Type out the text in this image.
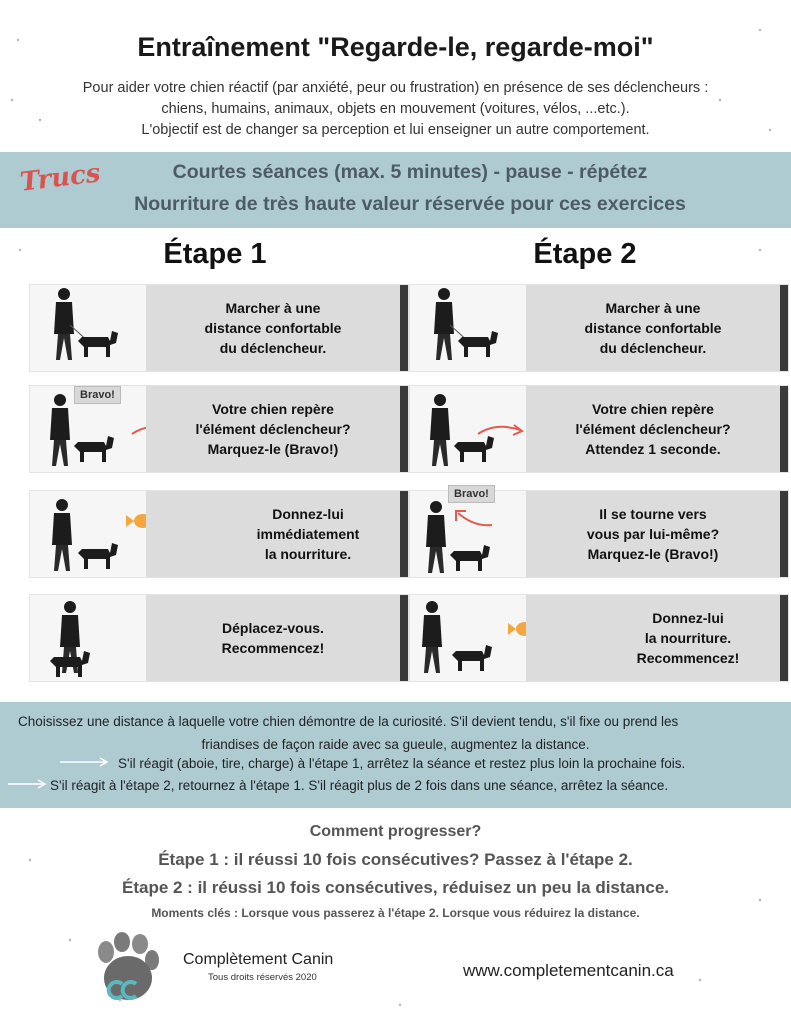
Entraînement "Regarde-le, regarde-moi"
Pour aider votre chien réactif (par anxiété, peur ou frustration) en présence de ses déclencheurs :
chiens, humains, animaux, objets en mouvement (voitures, vélos, ...etc.).
L'objectif est de changer sa perception et lui enseigner un autre comportement.
Trucs	Courtes séances (max. 5 minutes) - pause - répétez
Nourriture de très haute valeur réservée pour ces exercices
Étape 1	Étape 2
Marcher à une
distance confortable
du déclencheur.
Bravo!
Votre chien repère
l'élément déclencheur?
Marquez-le (Bravo!)
Donnez-lui
immédiatement
la nourriture.
Déplacez-vous.
Recommencez!
Marcher à une
distance confortable
du déclencheur.
Votre chien repère
l'élément déclencheur?
Attendez 1 seconde.
Bravo!
Il se tourne vers
vous par lui-même?
Marquez-le (Bravo!)
Donnez-lui
la nourriture.
Recommencez!
Choisissez une distance à laquelle votre chien démontre de la curiosité. S'il devient tendu, s'il fixe ou prend les
friandises de façon raide avec sa gueule, augmentez la distance.
S'il réagit (aboie, tire, charge) à l'étape 1, arrêtez la séance et restez plus loin la prochaine fois.
S'il réagit à l'étape 2, retournez à l'étape 1. S'il réagit plus de 2 fois dans une séance, arrêtez la séance.
Comment progresser?
Étape 1 : il réussi 10 fois consécutives? Passez à l'étape 2.
Étape 2 : il réussi 10 fois consécutives, réduisez un peu la distance.
Moments clés : Lorsque vous passerez à l'étape 2. Lorsque vous réduirez la distance.
Complètement Canin
Tous droits réservés 2020	www.completementcanin.ca
